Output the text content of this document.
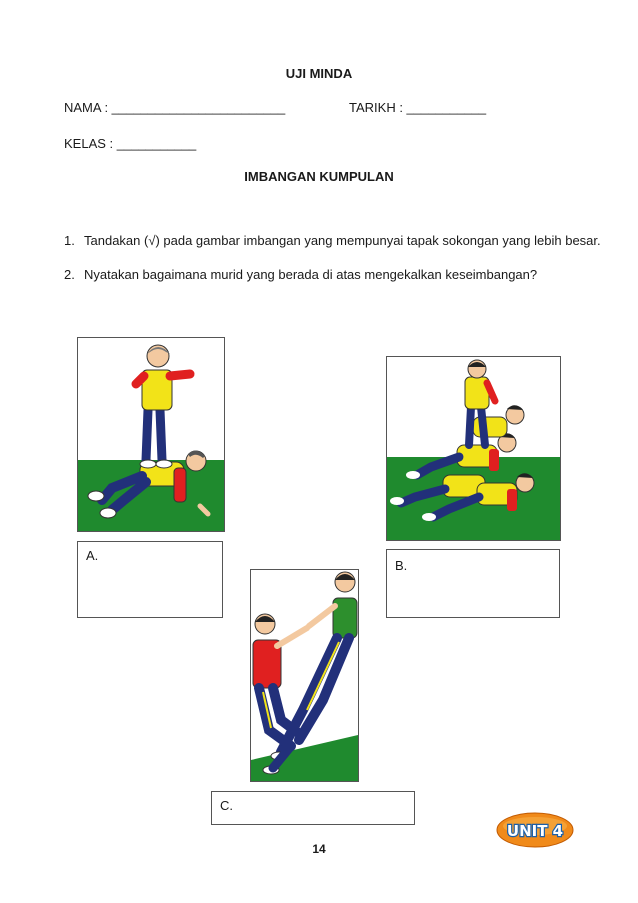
UJI MINDA
NAMA : ________________________	TARIKH : ___________
KELAS : ___________
IMBANGAN KUMPULAN
1. Tandakan (√) pada gambar imbangan yang mempunyai tapak sokongan yang lebih besar.
2. Nyatakan bagaimana murid yang berada di atas mengekalkan keseimbangan?
A.
B.
C.
14
UNIT 4
